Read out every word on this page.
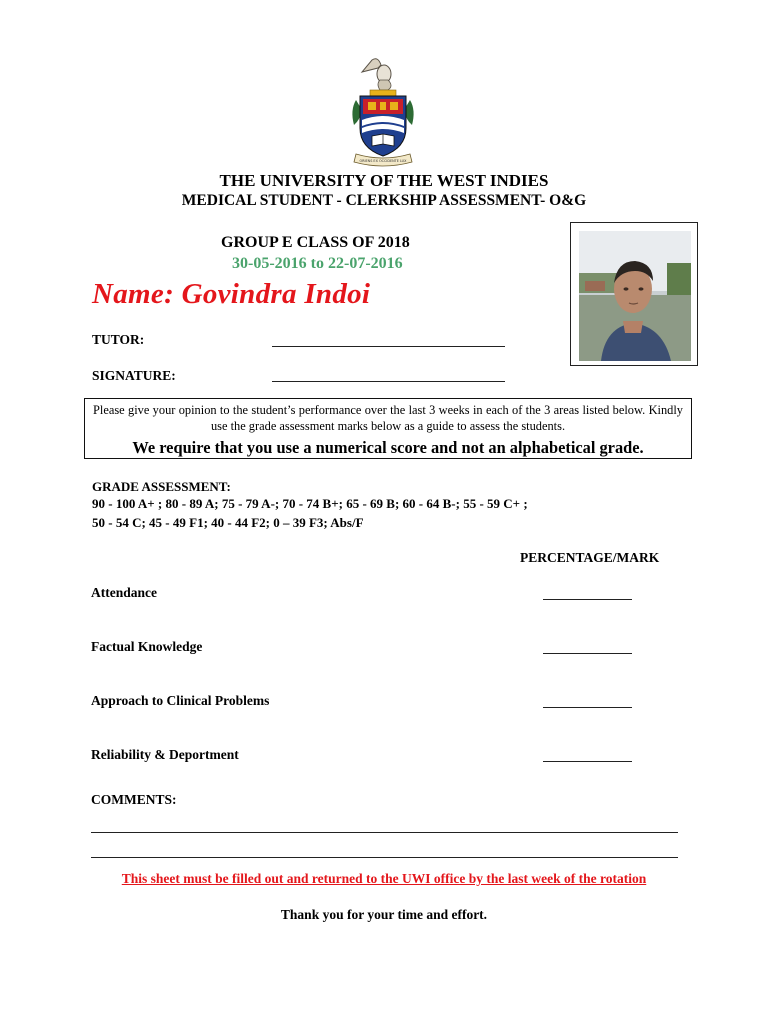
ORIENS EX OCCIDENTE LUX
THE UNIVERSITY OF THE WEST INDIES
MEDICAL STUDENT - CLERKSHIP ASSESSMENT- O&G
GROUP E CLASS OF 2018
30-05-2016 to 22-07-2016
Name: Govindra Indoi
TUTOR:
SIGNATURE:
Please give your opinion to the student’s performance over the last 3 weeks in each of the 3 areas listed below. Kindly use the grade assessment marks below as a guide to assess the students.
We require that you use a numerical score and not an alphabetical grade.
GRADE ASSESSMENT:
90 - 100 A+ ; 80 - 89 A; 75 - 79 A-; 70 - 74 B+; 65 - 69 B; 60 - 64 B-; 55 - 59 C+ ;
50 - 54 C; 45 - 49 F1; 40 - 44 F2; 0 – 39 F3; Abs/F
PERCENTAGE/MARK
Attendance
Factual Knowledge
Approach to Clinical Problems
Reliability & Deportment
COMMENTS:
This sheet must be filled out and returned to the UWI office by the last week of the rotation
Thank you for your time and effort.
